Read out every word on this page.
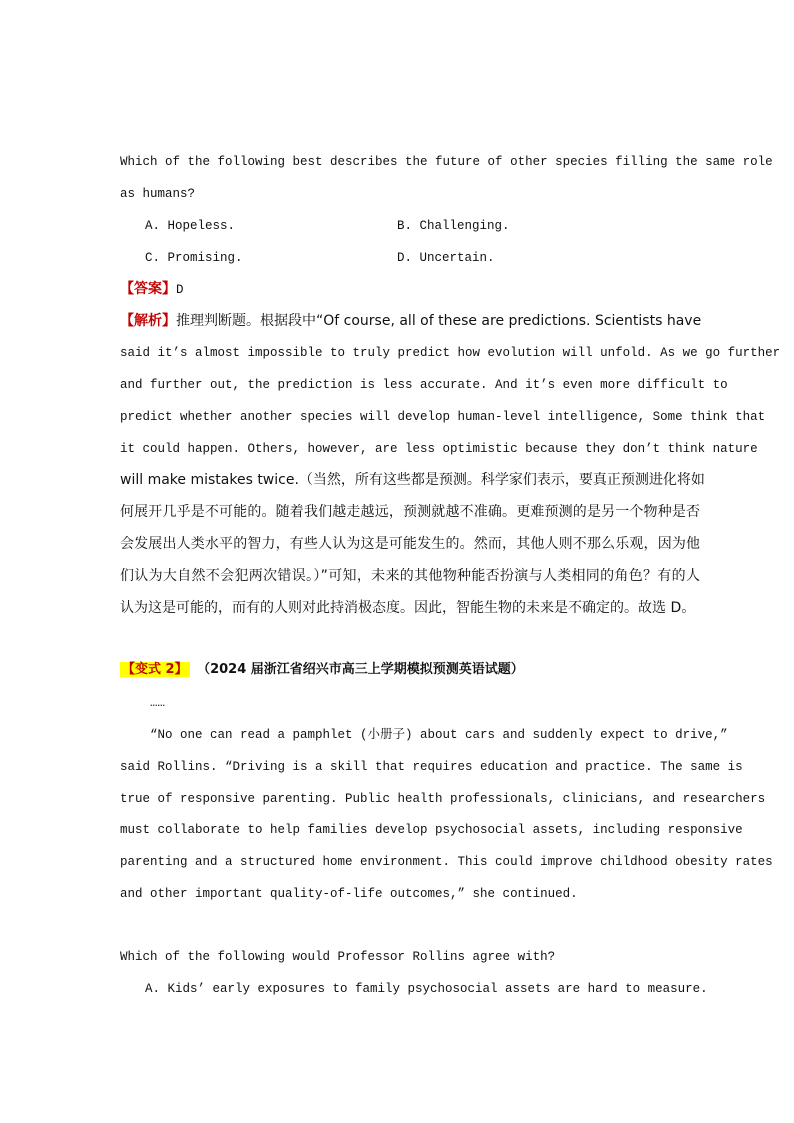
Which of the following best describes the future of other species filling the same role
as humans?
A. Hopeless.	B. Challenging.
C. Promising.	D. Uncertain.
【答案】D
【解析】推理判断题。根据段中“Of course, all of these are predictions. Scientists have
said it’s almost impossible to truly predict how evolution will unfold. As we go further
and further out, the prediction is less accurate. And it’s even more difficult to
predict whether another species will develop human-level intelligence, Some think that
it could happen. Others, however, are less optimistic because they don’t think nature
will make mistakes twice.（当然，所有这些都是预测。科学家们表示，要真正预测进化将如
何展开几乎是不可能的。随着我们越走越远，预测就越不准确。更难预测的是另一个物种是否
会发展出人类水平的智力，有些人认为这是可能发生的。然而，其他人则不那么乐观，因为他
们认为大自然不会犯两次错误。）”可知，未来的其他物种能否扮演与人类相同的角色？有的人
认为这是可能的，而有的人则对此持消极态度。因此，智能生物的未来是不确定的。故选 D。
【变式 2】 （2024 届浙江省绍兴市高三上学期模拟预测英语试题）
……
“No one can read a pamphlet (小册子) about cars and suddenly expect to drive,”
said Rollins. “Driving is a skill that requires education and practice. The same is
true of responsive parenting. Public health professionals, clinicians, and researchers
must collaborate to help families develop psychosocial assets, including responsive
parenting and a structured home environment. This could improve childhood obesity rates
and other important quality-of-life outcomes,” she continued.
Which of the following would Professor Rollins agree with?
A. Kids’ early exposures to family psychosocial assets are hard to measure.
